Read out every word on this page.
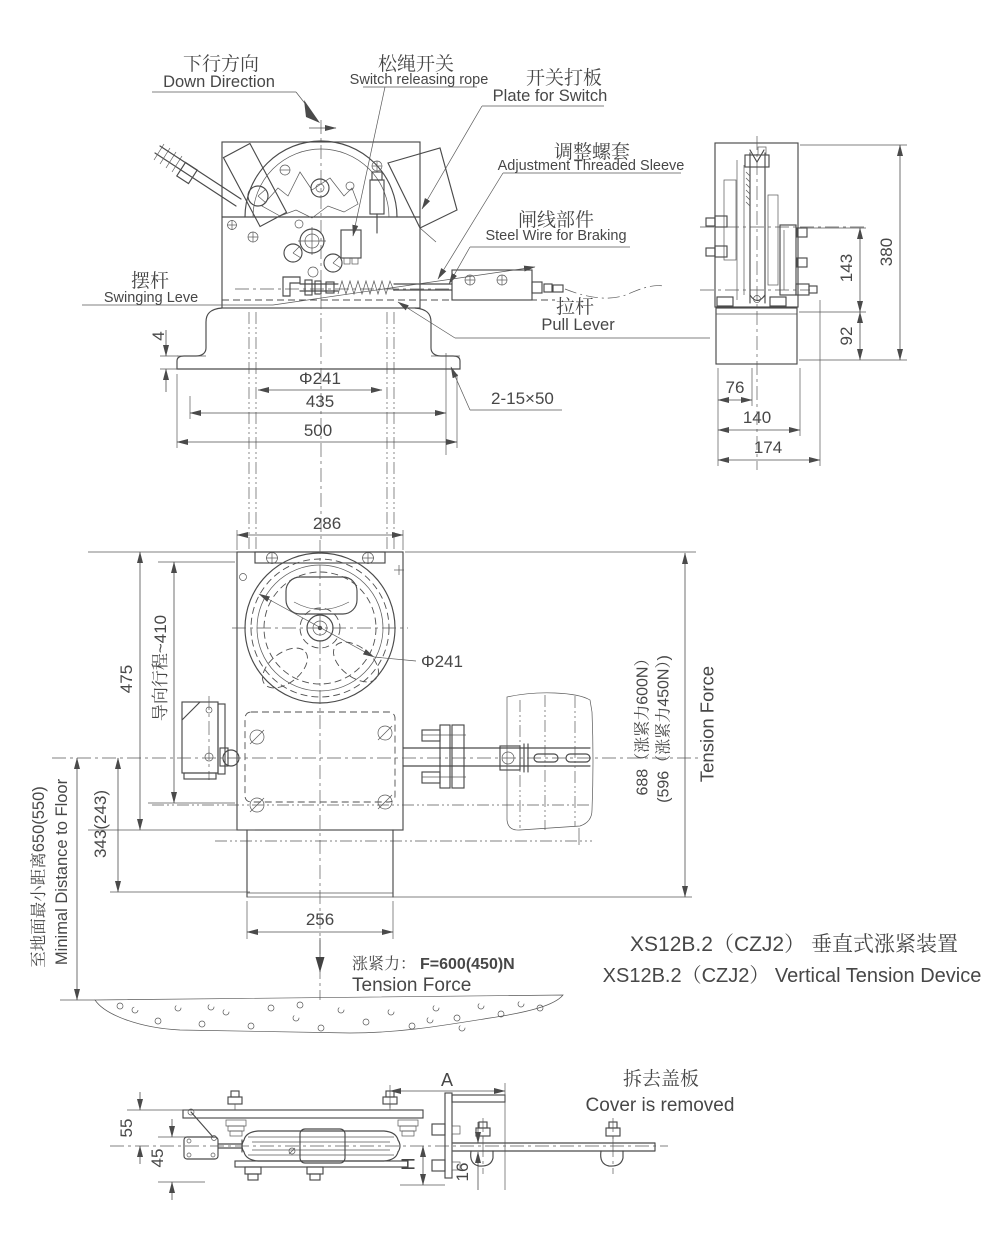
4
Φ241
435
500
2-15×50
下行方向
Down Direction
松绳开关
Switch releasing rope 开关打板
Plate for Switch
调整螺套
Adjustment Threaded Sleeve
闸线部件
Steel Wire for Braking
拉杆
Pull Lever
摆杆
Swinging Leve
380
143
92
76
140
174
Φ241
286
475 导向行程~410
343(243)
至地面最小距离650(550) Minimal Distance to Floor	256
688（涨紧力600N） (596（涨紧力450N）) Tension Force
涨紧力： F=600(450)N
Tension Force
XS12B.2（CZJ2） 垂直式涨紧装置
XS12B.2（CZJ2） Vertical Tension Device
55
45
A
H 16
拆去盖板
Cover is removed
